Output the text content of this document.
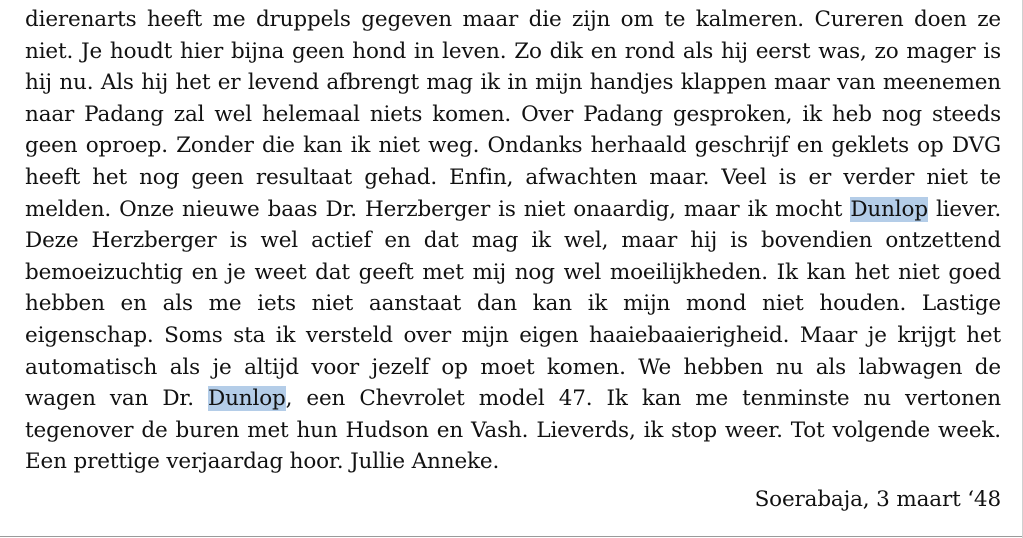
dierenarts heeft me druppels gegeven maar die zijn om te kalmeren. Cureren doen ze
niet. Je houdt hier bijna geen hond in leven. Zo dik en rond als hij eerst was, zo mager is
hij nu. Als hij het er levend afbrengt mag ik in mijn handjes klappen maar van meenemen
naar Padang zal wel helemaal niets komen. Over Padang gesproken, ik heb nog steeds
geen oproep. Zonder die kan ik niet weg. Ondanks herhaald geschrijf en geklets op DVG
heeft het nog geen resultaat gehad. Enfin, afwachten maar. Veel is er verder niet te
melden. Onze nieuwe baas Dr. Herzberger is niet onaardig, maar ik mocht Dunlop liever.
Deze Herzberger is wel actief en dat mag ik wel, maar hij is bovendien ontzettend
bemoeizuchtig en je weet dat geeft met mij nog wel moeilijkheden. Ik kan het niet goed
hebben en als me iets niet aanstaat dan kan ik mijn mond niet houden. Lastige
eigenschap. Soms sta ik versteld over mijn eigen haaiebaaierigheid. Maar je krijgt het
automatisch als je altijd voor jezelf op moet komen. We hebben nu als labwagen de
wagen van Dr. Dunlop, een Chevrolet model 47. Ik kan me tenminste nu vertonen
tegenover de buren met hun Hudson en Vash. Lieverds, ik stop weer. Tot volgende week.
Een prettige verjaardag hoor. Jullie Anneke.
Soerabaja, 3 maart ‘48
